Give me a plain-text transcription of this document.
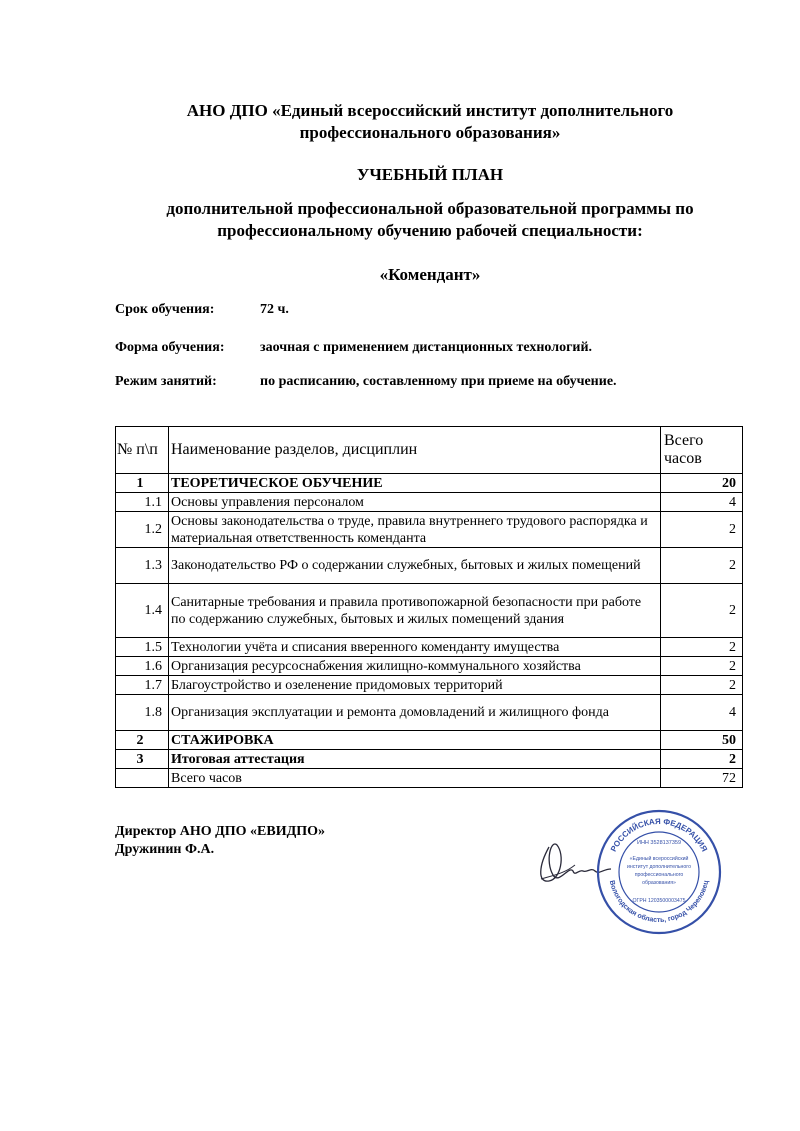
АНО ДПО «Единый всероссийский институт дополнительного
профессионального образования»
УЧЕБНЫЙ ПЛАН
дополнительной профессиональной образовательной программы по
профессиональному обучению рабочей специальности:
«Комендант»
Срок обучения:	72 ч.
Форма обучения:	заочная с применением дистанционных технологий.
Режим занятий:	по расписанию, составленному при приеме на обучение.
№ п\п	Наименование разделов, дисциплин	Всего
часов

1	ТЕОРЕТИЧЕСКОЕ ОБУЧЕНИЕ	20
1.1	Основы управления персоналом	4
1.2	Основы законодательства о труде, правила внутреннего трудового распорядка и материальная ответственность коменданта	2
1.3	Законодательство РФ о содержании служебных, бытовых и жилых помещений	2
1.4	Санитарные требования и правила противопожарной безопасности при работе по содержанию служебных, бытовых и жилых помещений здания	2
1.5	Технологии учёта и списания вверенного коменданту имущества	2
1.6	Организация ресурсоснабжения жилищно-коммунального хозяйства	2
1.7	Благоустройство и озеленение придомовых территорий	2
1.8	Организация эксплуатации и ремонта домовладений и жилищного фонда	4
2	СТАЖИРОВКА	50
3	Итоговая аттестация	2
	Всего часов	72
Директор АНО ДПО «ЕВИДПО»
Дружинин Ф.А.	РОССИЙСКАЯ ФЕДЕРАЦИЯ
Вологодская область, город Череповец
ИНН 3528137359
«Единый всероссийский
институт дополнительного
профессионального
образования»
ОГРН 1203500003475
